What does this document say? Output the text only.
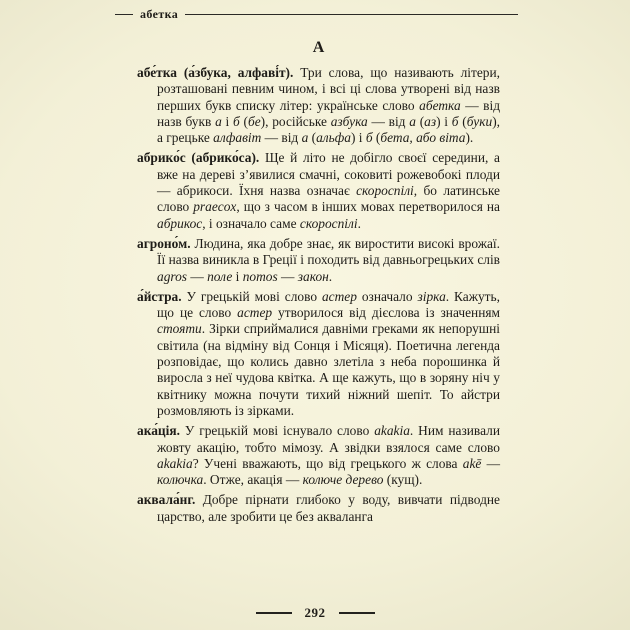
абетка
А

абе́тка (а́збука, алфаві́т). Три слова, що називають літери, розташовані певним чином, і всі ці слова утворені від назв перших букв списку літер: українське слово абетка — від назв букв а і б (бе), російське азбука — від а (аз) і б (буки), а грецьке алфавіт — від а (альфа) і б (бета, або віта).

абрико́с (абрико́са). Ще й літо не добігло своєї середини, а вже на дереві з’явилися смачні, соковиті рожевобокі плоди — абрикоси. Їхня назва означає скороспілі, бо латинське слово praecox, що з часом в інших мовах перетворилося на абрикос, і означало саме скороспілі.

агроно́м. Людина, яка добре знає, як виростити високі врожаї. Її назва виникла в Греції і походить від давньогрецьких слів agros — поле і nomos — закон.

а́йстра. У грецькій мові слово астер означало зірка. Кажуть, що це слово астер утворилося від дієслова із значенням стояти. Зірки сприймалися давніми греками як непорушні світила (на відміну від Сонця і Місяця). Поетична легенда розповідає, що колись давно злетіла з неба порошинка й виросла з неї чудова квітка. А ще кажуть, що в зоряну ніч у квітнику можна почути тихий ніжний шепіт. То айстри розмовляють із зірками.

ака́ція. У грецькій мові існувало слово akakia. Ним називали жовту акацію, тобто мімозу. А звідки взялося саме слово akakia? Учені вважають, що від грецького ж слова akē — колючка. Отже, акація — колюче дерево (кущ).

аквала́нг. Добре пірнати глибоко у воду, вивчати підводне царство, але зробити це без акваланга

292
